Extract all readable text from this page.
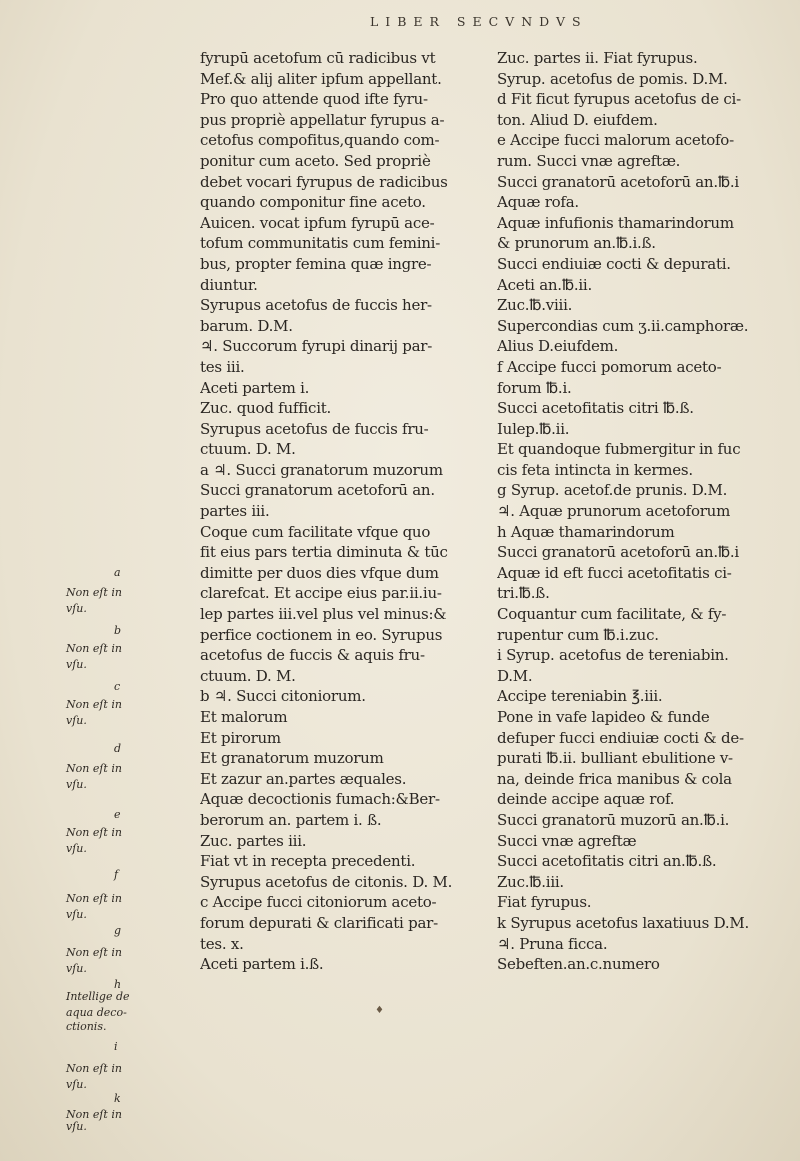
LIBER SECVNDVS
fyrupū acetofum cū radicibus vt
Mef.& alij aliter ipfum appellant.
Pro quo attende quod ifte fyru-
pus propriè appellatur fyrupus a-
cetofus compofitus,quando com-
ponitur cum aceto. Sed propriè
debet vocari fyrupus de radicibus
quando componitur fine aceto.
Auicen. vocat ipfum fyrupū ace-
tofum communitatis cum femini-
bus, propter femina quæ ingre-
diuntur.
Syrupus acetofus de fuccis her-
barum. D.M.
♃. Succorum fyrupi dinarij par-
tes iii.
Aceti partem i.
Zuc. quod fufficit.
Syrupus acetofus de fuccis fru-
ctuum. D. M.
a ♃. Succi granatorum muzorum
Succi granatorum acetoforū an.
partes iii.
Coque cum facilitate vfque quo
fit eius pars tertia diminuta & tūc
dimitte per duos dies vfque dum
clarefcat. Et accipe eius par.ii.iu-
lep partes iii.vel plus vel minus:&
perfice coctionem in eo. Syrupus
acetofus de fuccis & aquis fru-
ctuum. D. M.
b ♃. Succi citoniorum.
Et malorum
Et pirorum
Et granatorum muzorum
Et zazur an.partes æquales.
Aquæ decoctionis fumach:&Ber-
berorum an. partem i. ß.
Zuc. partes iii.
Fiat vt in recepta precedenti.
Syrupus acetofus de citonis. D. M.
c Accipe fucci citoniorum aceto-
forum depurati & clarificati par-
tes. x.
Aceti partem i.ß.
Zuc. partes ii. Fiat fyrupus.
Syrup. acetofus de pomis. D.M.
d Fit ficut fyrupus acetofus de ci-
ton. Aliud D. eiufdem.
e Accipe fucci malorum acetofo-
rum. Succi vnæ agreftæ.
Succi granatorū acetoforū an.℔.i
Aquæ rofa.
Aquæ infufionis thamarindorum
& prunorum an.℔.i.ß.
Succi endiuiæ cocti & depurati.
Aceti an.℔.ii.
Zuc.℔.viii.
Supercondias cum ʒ.ii.camphoræ.
Alius D.eiufdem.
f Accipe fucci pomorum aceto-
forum ℔.i.
Succi acetofitatis citri ℔.ß.
Iulep.℔.ii.
Et quandoque fubmergitur in fuc
cis feta intincta in kermes.
g Syrup. acetof.de prunis. D.M.
♃. Aquæ prunorum acetoforum
h Aquæ thamarindorum
Succi granatorū acetoforū an.℔.i
Aquæ id eft fucci acetofitatis ci-
tri.℔.ß.
Coquantur cum facilitate, & fy-
rupentur cum ℔.i.zuc.
i Syrup. acetofus de tereniabin.
D.M.
Accipe tereniabin ℥.iii.
Pone in vafe lapideo & funde
defuper fucci endiuiæ cocti & de-
purati ℔.ii. bulliant ebulitione v-
na, deinde frica manibus & cola
deinde accipe aquæ rof.
Succi granatorū muzorū an.℔.i.
Succi vnæ agreftæ
Succi acetofitatis citri an.℔.ß.
Zuc.℔.iii.
Fiat fyrupus.
k Syrupus acetofus laxatiuus D.M.
♃. Pruna ficca.
Sebeften.an.c.numero
a
Non eſt in
vſu.
b
Non eſt in
vſu.
c
Non eſt in
vſu.
d
Non eſt in
vſu.
e
Non eſt in
vſu.
f
Non eſt in
vſu.
g
Non eſt in
vſu.
h
Intellige de
aqua deco-
ctionis.
i
Non eſt in
vſu.
k
Non eſt in
vſu.
♦
